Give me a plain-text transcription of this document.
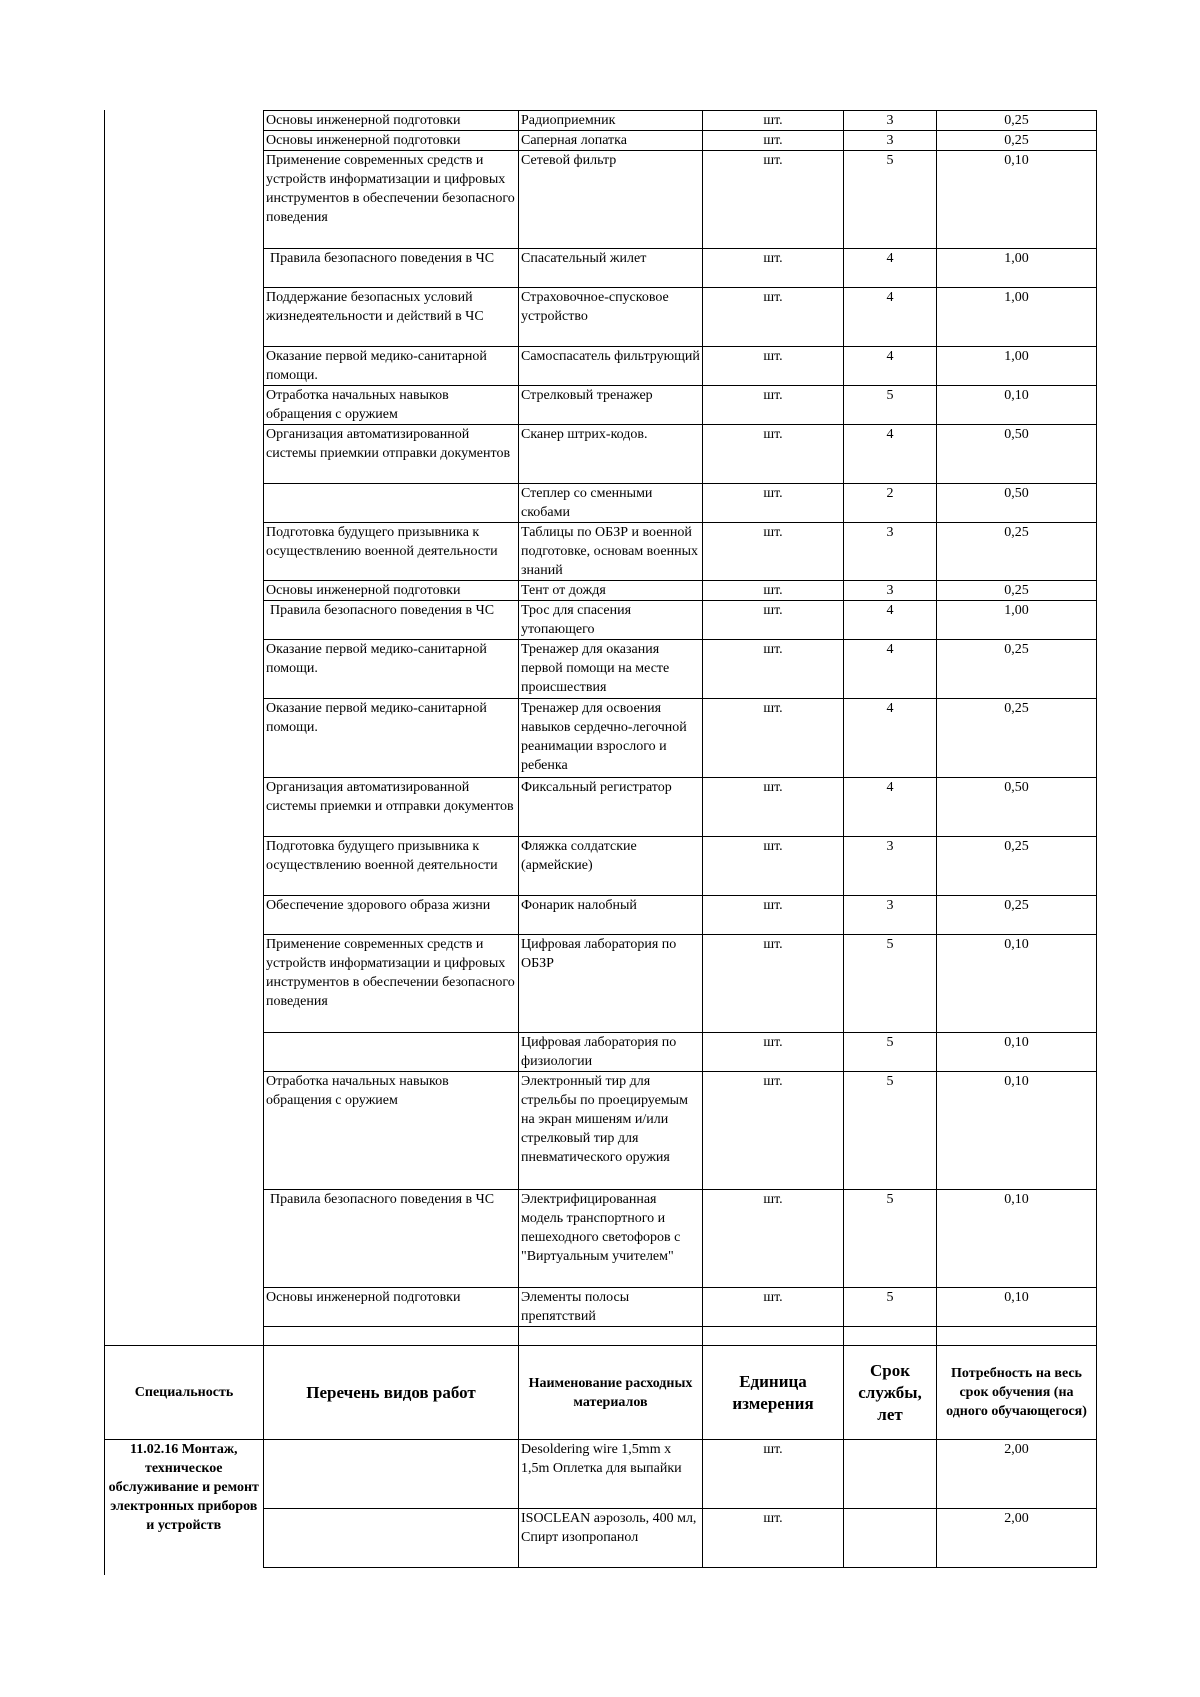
	Основы инженерной подготовки	Радиоприемник	шт.	3	0,25
	Основы инженерной подготовки	Саперная лопатка	шт.	3	0,25
	Применение современных средств и устройств информатизации и цифровых инструментов в обеспечении безопасного поведения	Сетевой фильтр	шт.	5	0,10
	Правила безопасного поведения в ЧС	Спасательный жилет	шт.	4	1,00
	Поддержание безопасных условий жизнедеятельности и действий в ЧС	Страховочное-спусковое устройство	шт.	4	1,00
	Оказание первой медико-санитарной помощи.	Самоспасатель фильтрующий	шт.	4	1,00
	Отработка начальных навыков обращения с оружием	Стрелковый тренажер	шт.	5	0,10
	Организация автоматизированной системы приемкии отправки документов	Сканер штрих-кодов.	шт.	4	0,50
		Степлер со сменными скобами	шт.	2	0,50
	Подготовка будущего призывника к осуществлению военной деятельности	Таблицы по ОБЗР и военной подготовке, основам военных знаний	шт.	3	0,25
	Основы инженерной подготовки	Тент от дождя	шт.	3	0,25
	Правила безопасного поведения в ЧС	Трос для спасения утопающего	шт.	4	1,00
	Оказание первой медико-санитарной помощи.	Тренажер для оказания первой помощи на месте происшествия	шт.	4	0,25
	Оказание первой медико-санитарной помощи.	Тренажер для освоения навыков сердечно-легочной реанимации взрослого и ребенка	шт.	4	0,25
	Организация автоматизированной системы приемки и отправки документов	Фиксальный регистратор	шт.	4	0,50
	Подготовка будущего призывника к осуществлению военной деятельности	Фляжка солдатские (армейские)	шт.	3	0,25
	Обеспечение здорового образа жизни	Фонарик налобный	шт.	3	0,25
	Применение современных средств и устройств информатизации и цифровых инструментов в обеспечении безопасного поведения	Цифровая лаборатория по ОБЗР	шт.	5	0,10
		Цифровая лаборатория по физиологии	шт.	5	0,10
	Отработка начальных навыков обращения с оружием	Электронный тир для стрельбы по проецируемым на экран мишеням и/или стрелковый тир для пневматического оружия	шт.	5	0,10
	Правила безопасного поведения в ЧС	Электрифицированная модель транспортного и пешеходного светофоров с "Виртуальным учителем"	шт.	5	0,10
	Основы инженерной подготовки	Элементы полосы препятствий	шт.	5	0,10

Специальность	Перечень видов работ	Наименование расходных материалов	Единица измерения	Срок службы, лет	Потребность на весь срок обучения (на одного обучающегося)
11.02.16 Монтаж, техническое обслуживание и ремонт электронных приборов и устройств		Desoldering wire 1,5mm x 1,5m Оплетка для выпайки	шт.		2,00
		ISOCLEAN аэрозоль, 400 мл, Спирт изопропанол	шт.		2,00
